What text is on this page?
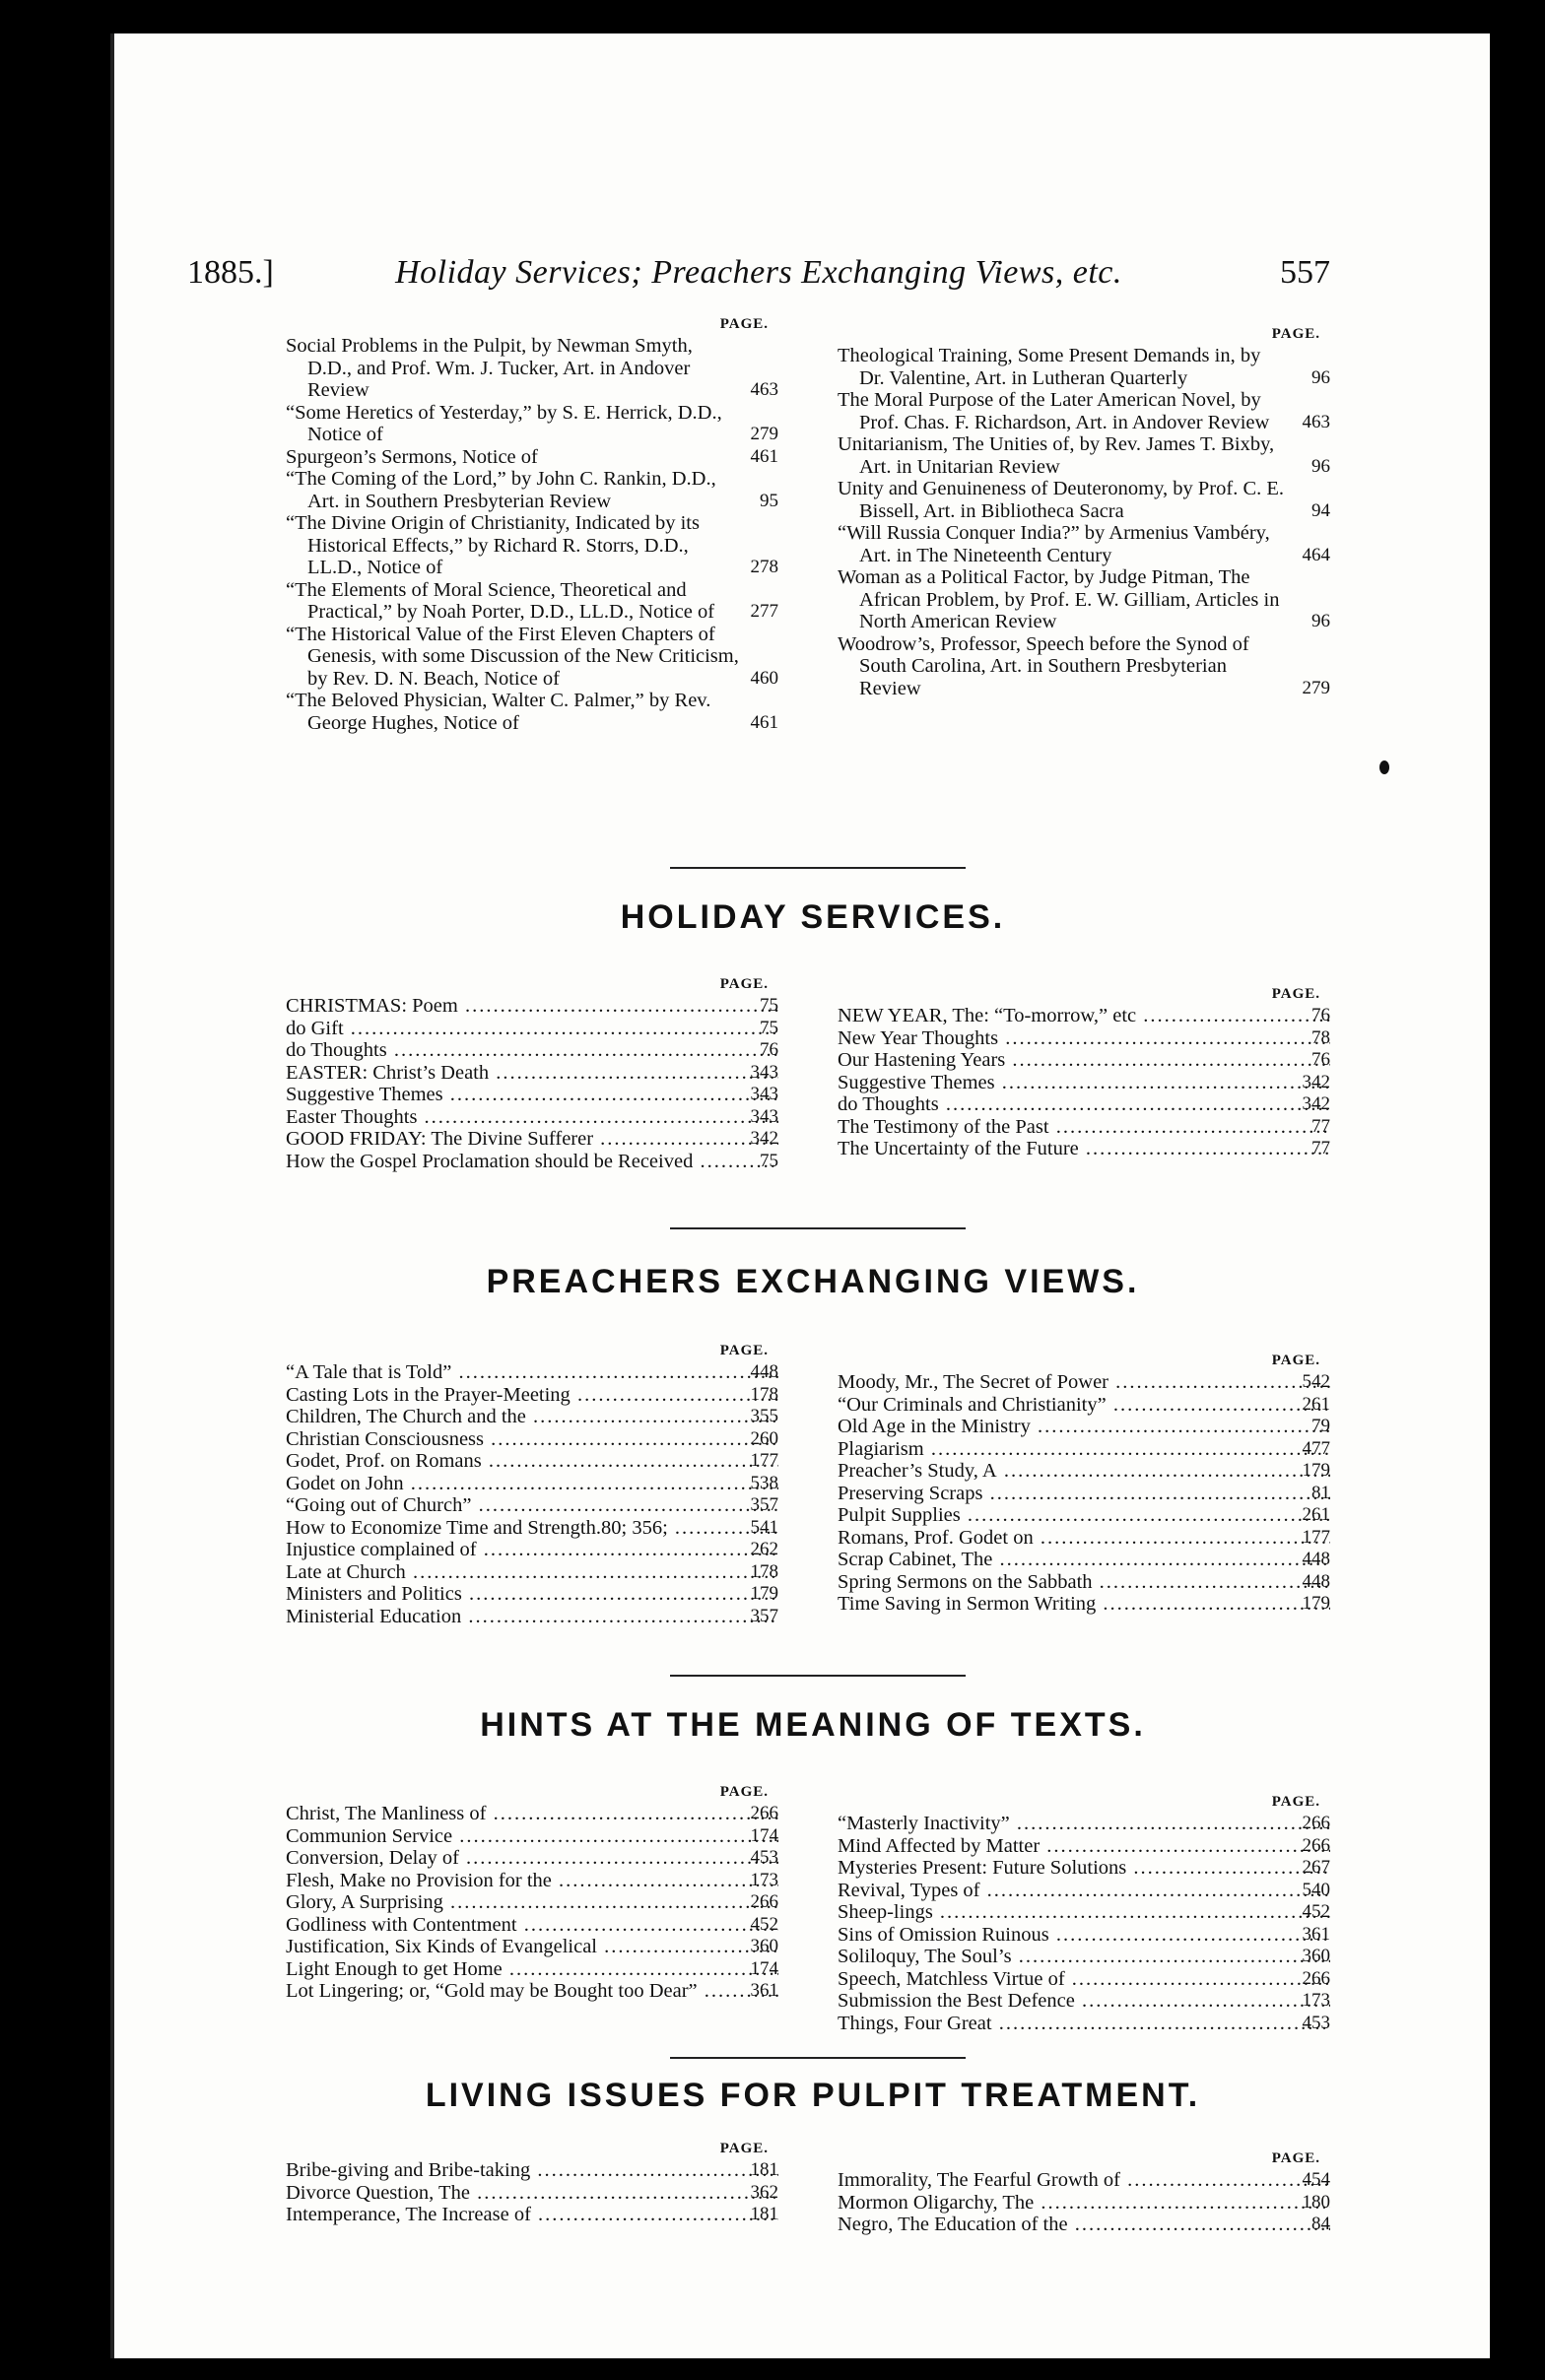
1885.]	Holiday Services; Preachers Exchanging Views, etc.	557
PAGE.
Social Problems in the Pulpit, by Newman Smyth, D.D., and Prof. Wm. J. Tucker, Art. in Andover Review	463
“Some Heretics of Yesterday,” by S. E. Herrick, D.D., Notice of	279
Spurgeon’s Sermons, Notice of	461
“The Coming of the Lord,” by John C. Rankin, D.D., Art. in Southern Presbyterian Review	95
“The Divine Origin of Christianity, Indicated by its Historical Effects,” by Richard R. Storrs, D.D., LL.D., Notice of	278
“The Elements of Moral Science, Theoretical and Practical,” by Noah Porter, D.D., LL.D., Notice of	277
“The Historical Value of the First Eleven Chapters of Genesis, with some Discussion of the New Criticism, by Rev. D. N. Beach, Notice of	460
“The Beloved Physician, Walter C. Palmer,” by Rev. George Hughes, Notice of	461
PAGE.
Theological Training, Some Present Demands in, by Dr. Valentine, Art. in Lutheran Quarterly	96
The Moral Purpose of the Later American Novel, by Prof. Chas. F. Richardson, Art. in Andover Review	463
Unitarianism, The Unities of, by Rev. James T. Bixby, Art. in Unitarian Review	96
Unity and Genuineness of Deuteronomy, by Prof. C. E. Bissell, Art. in Bibliotheca Sacra	94
“Will Russia Conquer India?” by Armenius Vambéry, Art. in The Nineteenth Century	464
Woman as a Political Factor, by Judge Pitman, The African Problem, by Prof. E. W. Gilliam, Articles in North American Review	96
Woodrow’s, Professor, Speech before the Synod of South Carolina, Art. in Southern Presbyterian Review	279
HOLIDAY SERVICES.
PAGE.
CHRISTMAS: Poem .....	75
do Gift .....	75
do Thoughts .....	76
EASTER: Christ’s Death .....	343
Suggestive Themes .....	343
Easter Thoughts .....	343
GOOD FRIDAY: The Divine Sufferer .....	342
How the Gospel Proclamation should be Received .....	75
PAGE.
NEW YEAR, The: “To-morrow,” etc .....	76
New Year Thoughts .....	78
Our Hastening Years .....	76
Suggestive Themes .....	342
do Thoughts .....	342
The Testimony of the Past .....	77
The Uncertainty of the Future .....	77
PREACHERS EXCHANGING VIEWS.
PAGE.
“A Tale that is Told” .....	448
Casting Lots in the Prayer-Meeting .....	178
Children, The Church and the .....	355
Christian Consciousness .....	260
Godet, Prof. on Romans .....	177
Godet on John .....	538
“Going out of Church” .....	357
How to Economize Time and Strength.80; 356; .....	541
Injustice complained of .....	262
Late at Church .....	178
Ministers and Politics .....	179
Ministerial Education .....	357
PAGE.
Moody, Mr., The Secret of Power .....	542
“Our Criminals and Christianity” .....	261
Old Age in the Ministry .....	79
Plagiarism .....	477
Preacher’s Study, A .....	179
Preserving Scraps .....	81
Pulpit Supplies .....	261
Romans, Prof. Godet on .....	177
Scrap Cabinet, The .....	448
Spring Sermons on the Sabbath .....	448
Time Saving in Sermon Writing .....	179
HINTS AT THE MEANING OF TEXTS.
PAGE.
Christ, The Manliness of .....	266
Communion Service .....	174
Conversion, Delay of .....	453
Flesh, Make no Provision for the .....	173
Glory, A Surprising .....	266
Godliness with Contentment .....	452
Justification, Six Kinds of Evangelical .....	360
Light Enough to get Home .....	174
Lot Lingering; or, “Gold may be Bought too Dear” .....	361
PAGE.
“Masterly Inactivity” .....	266
Mind Affected by Matter .....	266
Mysteries Present: Future Solutions .....	267
Revival, Types of .....	540
Sheep-lings .....	452
Sins of Omission Ruinous .....	361
Soliloquy, The Soul’s .....	360
Speech, Matchless Virtue of .....	266
Submission the Best Defence .....	173
Things, Four Great .....	453
LIVING ISSUES FOR PULPIT TREATMENT.
PAGE.
Bribe-giving and Bribe-taking .....	181
Divorce Question, The .....	362
Intemperance, The Increase of .....	181
PAGE.
Immorality, The Fearful Growth of .....	454
Mormon Oligarchy, The .....	180
Negro, The Education of the .....	84
